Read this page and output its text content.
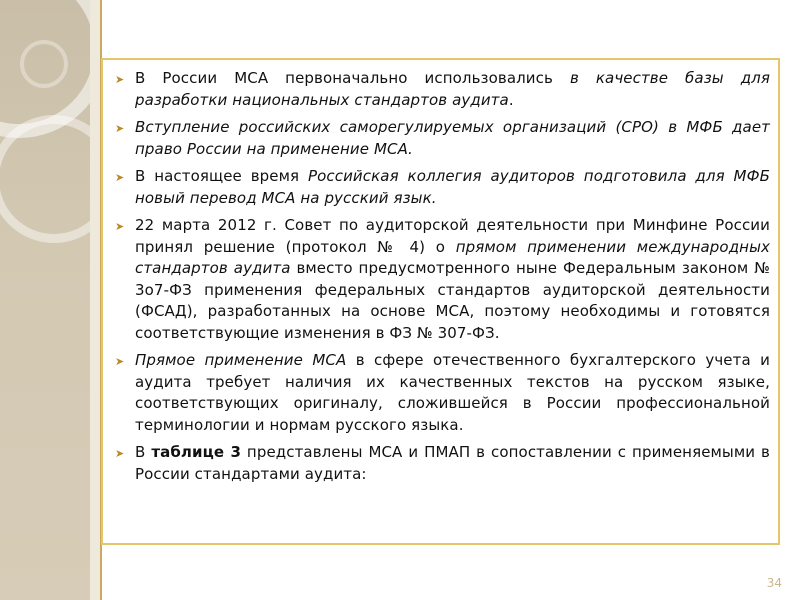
➤ В России МСА первоначально использовались в качестве базы для разработки национальных стандартов аудита.
➤ Вступление российских саморегулируемых организаций (СРО) в МФБ дает право России на применение МСА.
➤ В настоящее время Российская коллегия аудиторов подготовила для МФБ новый перевод МСА на русский язык.
➤ 22 марта 2012 г. Совет по аудиторской деятельности при Минфине России принял решение (протокол № 4) о прямом применении международных стандартов аудита вместо предусмотренного ныне Федеральным законом № 3о7-ФЗ применения федеральных стандартов аудиторской деятельности (ФСАД), разработанных на основе МСА, поэтому необходимы и готовятся соответствующие изменения в ФЗ № 307-ФЗ.
➤ Прямое применение МСА в сфере отечественного бухгалтерского учета и аудита требует наличия их качественных текстов на русском языке, соответствующих оригиналу, сложившейся в России профессиональной терминологии и нормам русского языка.
➤ В таблице 3 представлены МСА и ПМАП в сопоставлении с применяемыми в России стандартами аудита:
34
